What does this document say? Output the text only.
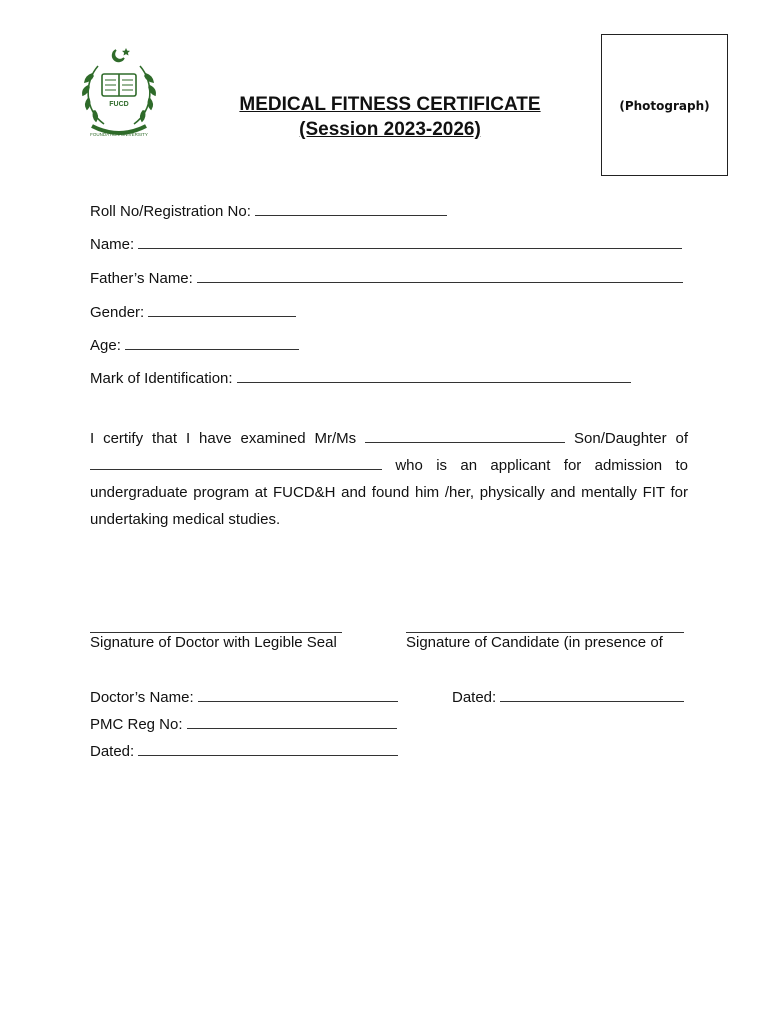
FUCD
FOUNDATION UNIVERSITY
MEDICAL FITNESS CERTIFICATE
(Session 2023-2026)
(Photograph)
Roll No/Registration No:
Name:
Father’s Name:
Gender:
Age:
Mark of Identification:
I certify that I have examined Mr/Ms	Son/Daughter of  who is an applicant for admission to undergraduate program at FUCD&H and found him /her, physically and mentally FIT for undertaking medical studies.
Signature of Doctor with Legible Seal	Signature of Candidate (in presence of
Doctor’s Name:	Dated:
PMC Reg No:
Dated:
